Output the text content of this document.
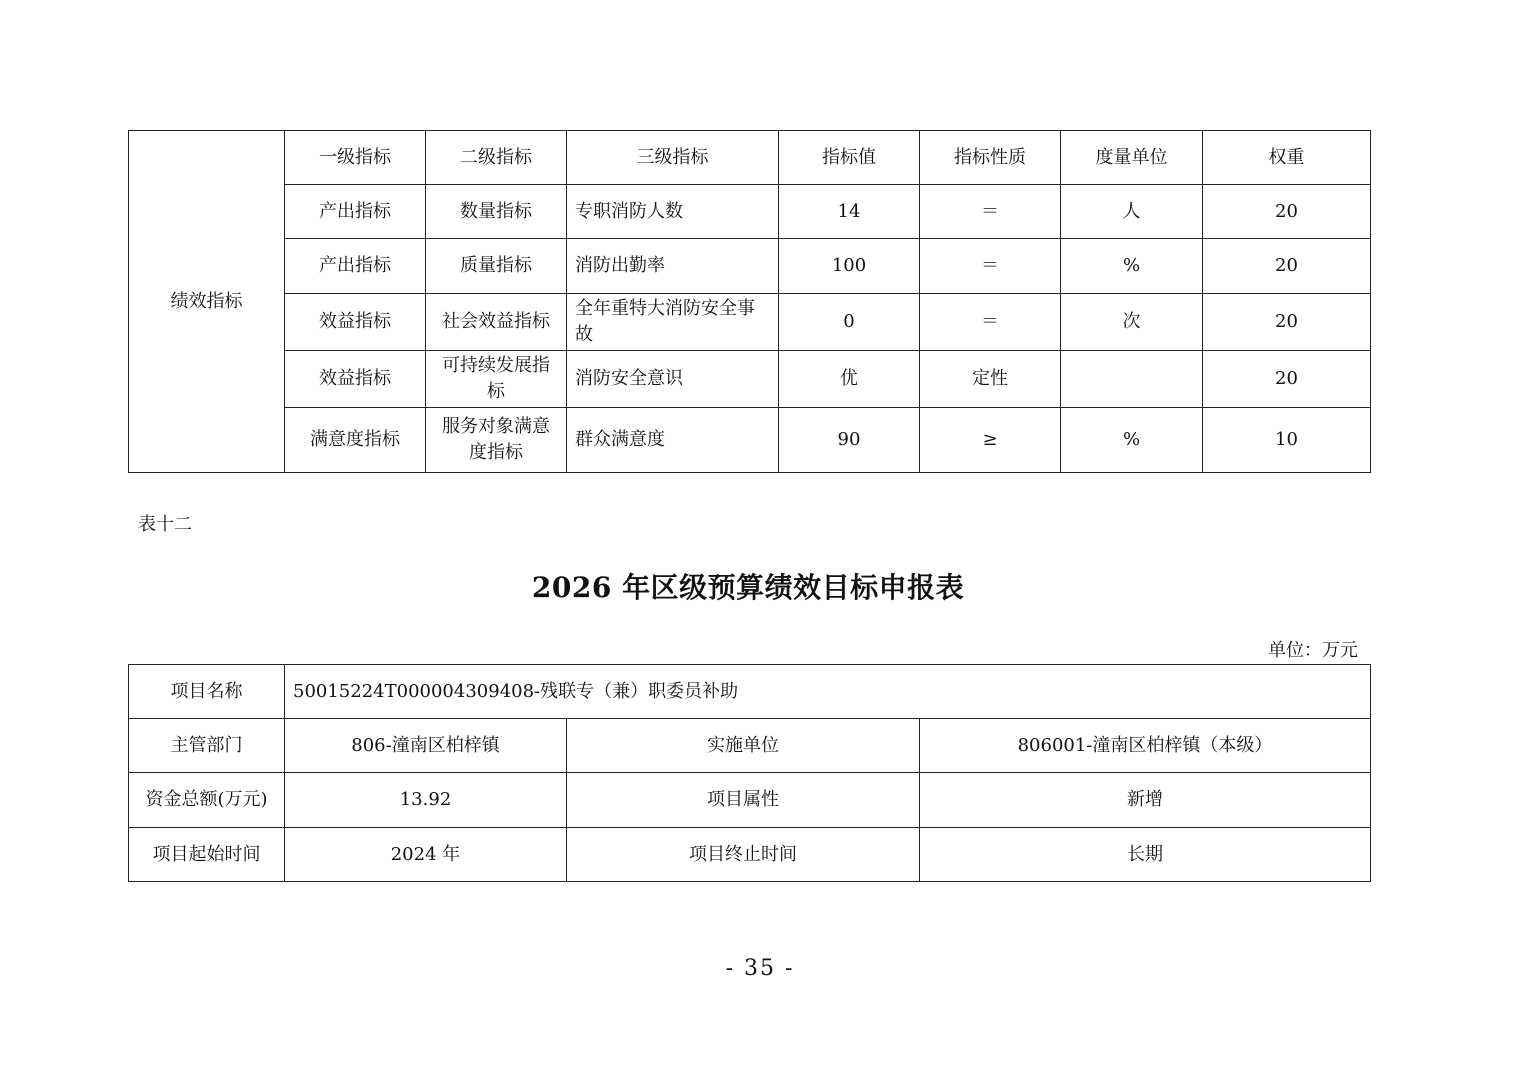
绩效指标	一级指标	二级指标	三级指标	指标值	指标性质	度量单位	权重
	产出指标	数量指标	专职消防人数	14	＝	人	20
	产出指标	质量指标	消防出勤率	100	＝	%	20
	效益指标	社会效益指标	全年重特大消防安全事故	0	＝	次	20
	效益指标	可持续发展指标	消防安全意识	优	定性		20
	满意度指标	服务对象满意度指标	群众满意度	90	≥	%	10
表十二
2026 年区级预算绩效目标申报表
单位：万元
项目名称	50015224T000004309408-残联专（兼）职委员补助		
主管部门	806-潼南区柏梓镇	实施单位	806001-潼南区柏梓镇（本级）
资金总额(万元)	13.92	项目属性	新增
项目起始时间	2024 年	项目终止时间	长期
- 35 -
